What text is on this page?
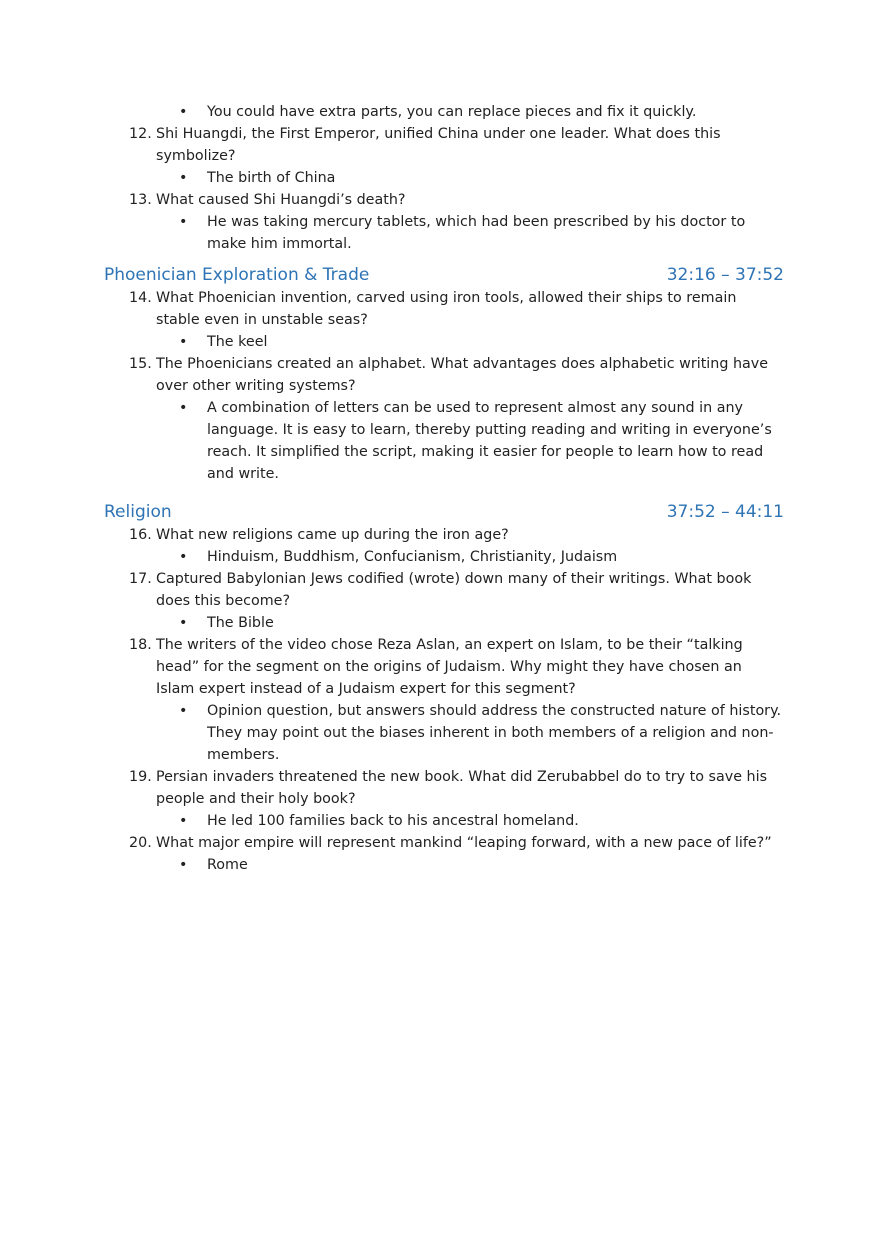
• You could have extra parts, you can replace pieces and fix it quickly.

12. Shi Huangdi, the First Emperor, unified China under one leader. What does this symbolize?

• The birth of China

13. What caused Shi Huangdi’s death?

• He was taking mercury tablets, which had been prescribed by his doctor to make him immortal.

Phoenician Exploration & Trade	32:16 – 37:52

14. What Phoenician invention, carved using iron tools, allowed their ships to remain stable even in unstable seas?

• The keel

15. The Phoenicians created an alphabet. What advantages does alphabetic writing have over other writing systems?

• A combination of letters can be used to represent almost any sound in any language. It is easy to learn, thereby putting reading and writing in everyone’s reach. It simplified the script, making it easier for people to learn how to read and write.

Religion	37:52 – 44:11

16. What new religions came up during the iron age?

• Hinduism, Buddhism, Confucianism, Christianity, Judaism

17. Captured Babylonian Jews codified (wrote) down many of their writings. What book does this become?

• The Bible

18. The writers of the video chose Reza Aslan, an expert on Islam, to be their “talking head” for the segment on the origins of Judaism. Why might they have chosen an Islam expert instead of a Judaism expert for this segment?

• Opinion question, but answers should address the constructed nature of history. They may point out the biases inherent in both members of a religion and non-members.

19. Persian invaders threatened the new book. What did Zerubabbel do to try to save his people and their holy book?

• He led 100 families back to his ancestral homeland.

20. What major empire will represent mankind “leaping forward, with a new pace of life?”

• Rome
